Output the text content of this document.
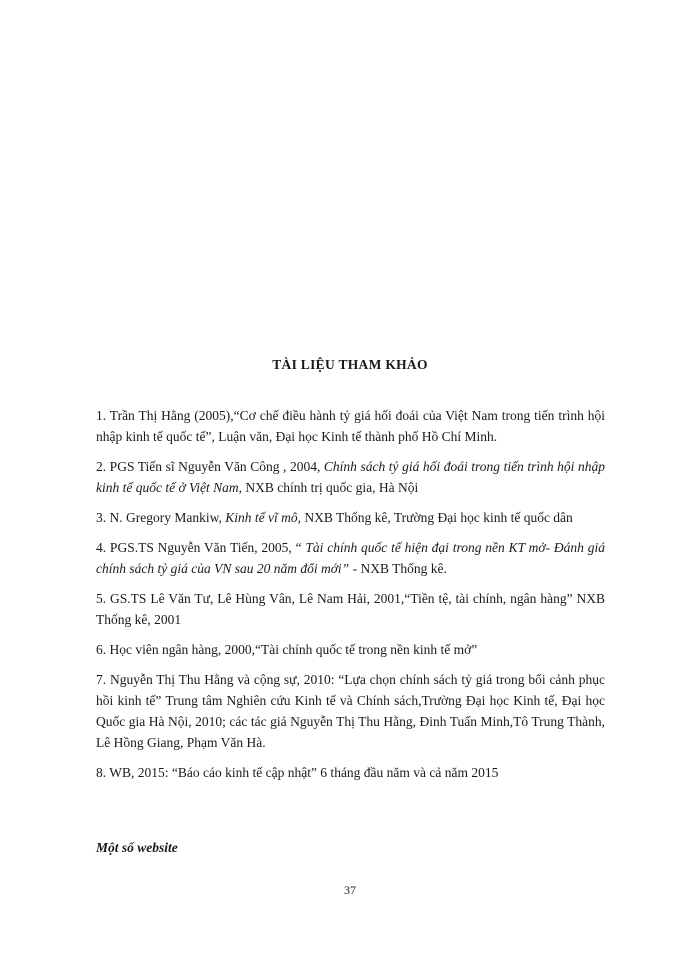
TÀI LIỆU THAM KHẢO

1. Trần Thị Hằng (2005),“Cơ chế điều hành tỷ giá hối đoái của Việt Nam trong tiến trình hội nhập kinh tế quốc tế”, Luận văn, Đại học Kinh tế thành phố Hồ Chí Minh.

2. PGS Tiến sĩ Nguyễn Văn Công , 2004, Chính sách tỷ giá hối đoái trong tiến trình hội nhập kinh tế quốc tế ở Việt Nam, NXB chính trị quốc gia, Hà Nội

3. N. Gregory Mankiw, Kinh tế vĩ mô, NXB Thống kê, Trường Đại học kinh tế quốc dân

4. PGS.TS Nguyễn Văn Tiến, 2005, “ Tài chính quốc tế hiện đại trong nền KT mở- Đánh giá chính sách tỷ giá của VN sau 20 năm đổi mới” - NXB Thống kê.

5. GS.TS Lê Văn Tư, Lê Hùng Vân, Lê Nam Hải, 2001,“Tiền tệ, tài chính, ngân hàng” NXB Thống kê, 2001

6. Học viên ngân hàng, 2000,“Tài chính quốc tế trong nền kinh tế mở”

7. Nguyễn Thị Thu Hằng và cộng sự, 2010: “Lựa chọn chính sách tỷ giá trong bối cảnh phục hồi kinh tế” Trung tâm Nghiên cứu Kinh tế và Chính sách,Trường Đại học Kinh tế, Đại học Quốc gia Hà Nội, 2010; các tác giả Nguyễn Thị Thu Hằng, Đinh Tuấn Minh,Tô Trung Thành, Lê Hồng Giang, Phạm Văn Hà.

8. WB, 2015: “Báo cáo kinh tế cập nhật” 6 tháng đầu năm và cả năm 2015

Một số website
37
